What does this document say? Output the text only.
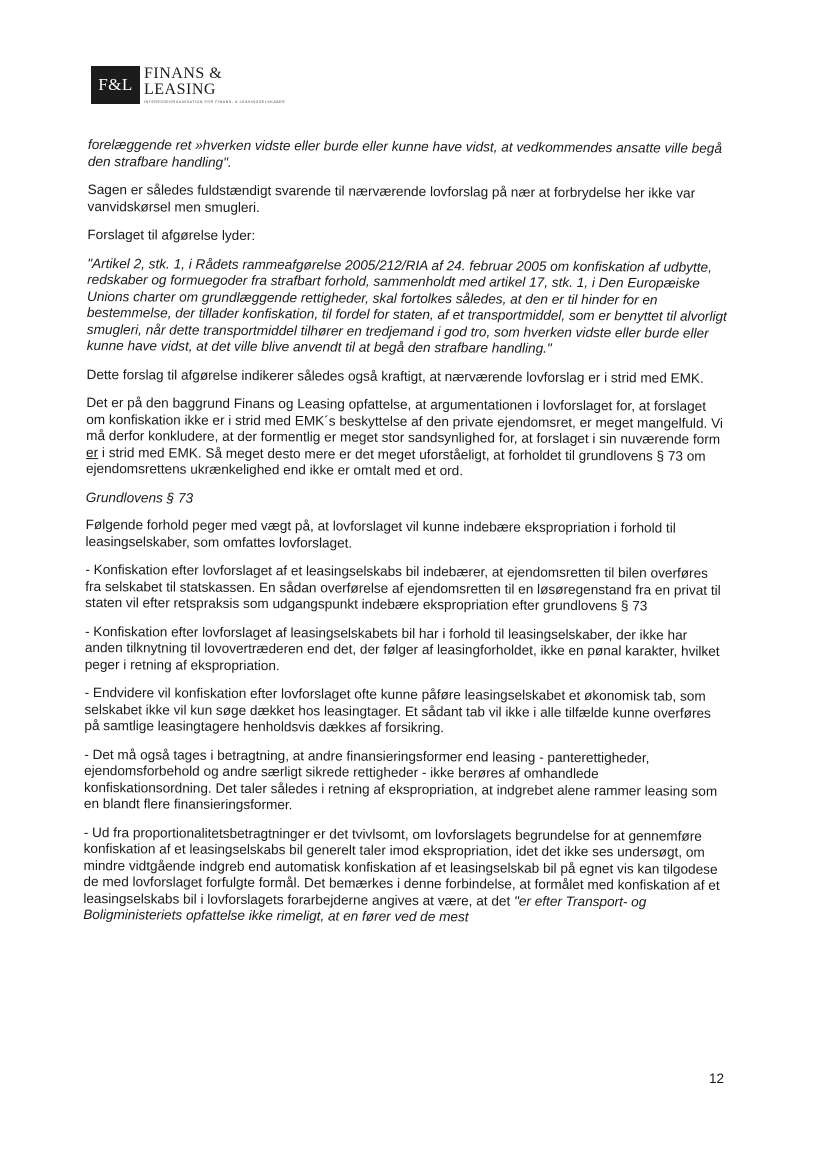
F&L
FINANS &
LEASING
INTERESSEORGANISATION FOR FINANS- & LEASINGSELSKABER

forelæggende ret »hverken vidste eller burde eller kunne have vidst, at vedkommendes ansatte ville begå den strafbare handling".

Sagen er således fuldstændigt svarende til nærværende lovforslag på nær at forbrydelse her ikke var vanvidskørsel men smugleri.

Forslaget til afgørelse lyder:

"Artikel 2, stk. 1, i Rådets rammeafgørelse 2005/212/RIA af 24. februar 2005 om konfiskation af udbytte, redskaber og formuegoder fra strafbart forhold, sammenholdt med artikel 17, stk. 1, i Den Europæiske Unions charter om grundlæggende rettigheder, skal fortolkes således, at den er til hinder for en bestemmelse, der tillader konfiskation, til fordel for staten, af et transportmiddel, som er benyttet til alvorligt smugleri, når dette transportmiddel tilhører en tredjemand i god tro, som hverken vidste eller burde eller kunne have vidst, at det ville blive anvendt til at begå den strafbare handling."

Dette forslag til afgørelse indikerer således også kraftigt, at nærværende lovforslag er i strid med EMK.

Det er på den baggrund Finans og Leasing opfattelse, at argumentationen i lovforslaget for, at forslaget om konfiskation ikke er i strid med EMK´s beskyttelse af den private ejendomsret, er meget mangelfuld. Vi må derfor konkludere, at der formentlig er meget stor sandsynlighed for, at forslaget i sin nuværende form er i strid med EMK. Så meget desto mere er det meget uforståeligt, at forholdet til grundlovens § 73 om ejendomsrettens ukrænkelighed end ikke er omtalt med et ord.

Grundlovens § 73

Følgende forhold peger med vægt på, at lovforslaget vil kunne indebære ekspropriation i forhold til leasingselskaber, som omfattes lovforslaget.

- Konfiskation efter lovforslaget af et leasingselskabs bil indebærer, at ejendomsretten til bilen overføres fra selskabet til statskassen. En sådan overførelse af ejendomsretten til en løsøregenstand fra en privat til staten vil efter retspraksis som udgangspunkt indebære ekspropriation efter grundlovens § 73

- Konfiskation efter lovforslaget af leasingselskabets bil har i forhold til leasingselskaber, der ikke har anden tilknytning til lovovertræderen end det, der følger af leasingforholdet, ikke en pønal karakter, hvilket peger i retning af ekspropriation.

- Endvidere vil konfiskation efter lovforslaget ofte kunne påføre leasingselskabet et økonomisk tab, som selskabet ikke vil kun søge dækket hos leasingtager. Et sådant tab vil ikke i alle tilfælde kunne overføres på samtlige leasingtagere henholdsvis dækkes af forsikring.

- Det må også tages i betragtning, at andre finansieringsformer end leasing - panterettigheder, ejendomsforbehold og andre særligt sikrede rettigheder - ikke berøres af omhandlede konfiskationsordning. Det taler således i retning af ekspropriation, at indgrebet alene rammer leasing som en blandt flere finansieringsformer.

- Ud fra proportionalitetsbetragtninger er det tvivlsomt, om lovforslagets begrundelse for at gennemføre konfiskation af et leasingselskabs bil generelt taler imod ekspropriation, idet det ikke ses undersøgt, om mindre vidtgående indgreb end automatisk konfiskation af et leasingselskab bil på egnet vis kan tilgodese de med lovforslaget forfulgte formål. Det bemærkes i denne forbindelse, at formålet med konfiskation af et leasingselskabs bil i lovforslagets forarbejderne angives at være, at det "er efter Transport- og Boligministeriets opfattelse ikke rimeligt, at en fører ved de mest

12
